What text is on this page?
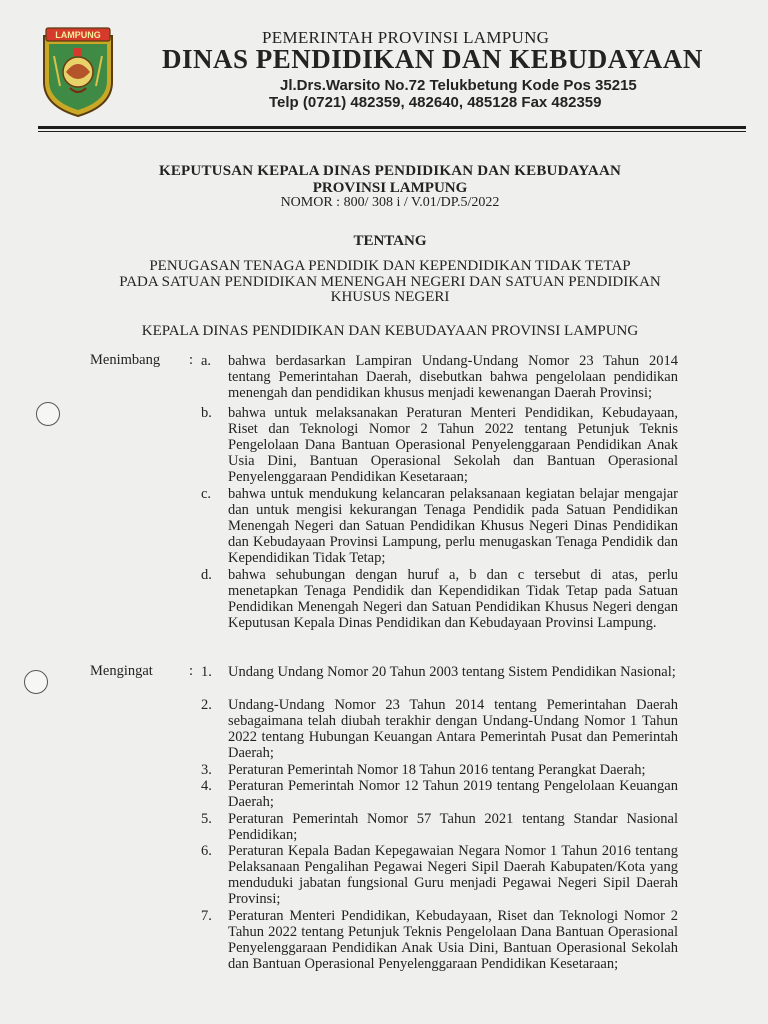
LAMPUNG	PEMERINTAH PROVINSI LAMPUNG
DINAS PENDIDIKAN DAN KEBUDAYAAN
Jl.Drs.Warsito No.72 Telukbetung Kode Pos 35215
Telp (0721) 482359, 482640, 485128 Fax 482359
KEPUTUSAN KEPALA DINAS PENDIDIKAN DAN KEBUDAYAAN
PROVINSI LAMPUNG
NOMOR : 800/ 308 i / V.01/DP.5/2022
TENTANG
PENUGASAN TENAGA PENDIDIK DAN KEPENDIDIKAN TIDAK TETAP
PADA SATUAN PENDIDIKAN MENENGAH NEGERI DAN SATUAN PENDIDIKAN
KHUSUS NEGERI
KEPALA DINAS PENDIDIKAN DAN KEBUDAYAAN PROVINSI LAMPUNG
Menimbang : a. bahwa berdasarkan Lampiran Undang-Undang Nomor 23 Tahun 2014 tentang Pemerintahan Daerah, disebutkan bahwa pengelolaan pendidikan menengah dan pendidikan khusus menjadi kewenangan Daerah Provinsi;
b. bahwa untuk melaksanakan Peraturan Menteri Pendidikan, Kebudayaan, Riset dan Teknologi Nomor 2 Tahun 2022 tentang Petunjuk Teknis Pengelolaan Dana Bantuan Operasional Penyelenggaraan Pendidikan Anak Usia Dini, Bantuan Operasional Sekolah dan Bantuan Operasional Penyelenggaraan Pendidikan Kesetaraan;
c. bahwa untuk mendukung kelancaran pelaksanaan kegiatan belajar mengajar dan untuk mengisi kekurangan Tenaga Pendidik pada Satuan Pendidikan Menengah Negeri dan Satuan Pendidikan Khusus Negeri Dinas Pendidikan dan Kebudayaan Provinsi Lampung, perlu menugaskan Tenaga Pendidik dan Kependidikan Tidak Tetap;
d. bahwa sehubungan dengan huruf a, b dan c tersebut di atas, perlu menetapkan Tenaga Pendidik dan Kependidikan Tidak Tetap pada Satuan Pendidikan Menengah Negeri dan Satuan Pendidikan Khusus Negeri dengan Keputusan Kepala Dinas Pendidikan dan Kebudayaan Provinsi Lampung.
Mengingat : 1. Undang Undang Nomor 20 Tahun 2003 tentang Sistem Pendidikan Nasional;
2. Undang-Undang Nomor 23 Tahun 2014 tentang Pemerintahan Daerah sebagaimana telah diubah terakhir dengan Undang-Undang Nomor 1 Tahun 2022 tentang Hubungan Keuangan Antara Pemerintah Pusat dan Pemerintah Daerah;
3. Peraturan Pemerintah Nomor 18 Tahun 2016 tentang Perangkat Daerah;
4. Peraturan Pemerintah Nomor 12 Tahun 2019 tentang Pengelolaan Keuangan Daerah;
5. Peraturan Pemerintah Nomor 57 Tahun 2021 tentang Standar Nasional Pendidikan;
6. Peraturan Kepala Badan Kepegawaian Negara Nomor 1 Tahun 2016 tentang Pelaksanaan Pengalihan Pegawai Negeri Sipil Daerah Kabupaten/Kota yang menduduki jabatan fungsional Guru menjadi Pegawai Negeri Sipil Daerah Provinsi;
7. Peraturan Menteri Pendidikan, Kebudayaan, Riset dan Teknologi Nomor 2 Tahun 2022 tentang Petunjuk Teknis Pengelolaan Dana Bantuan Operasional Penyelenggaraan Pendidikan Anak Usia Dini, Bantuan Operasional Sekolah dan Bantuan Operasional Penyelenggaraan Pendidikan Kesetaraan;
